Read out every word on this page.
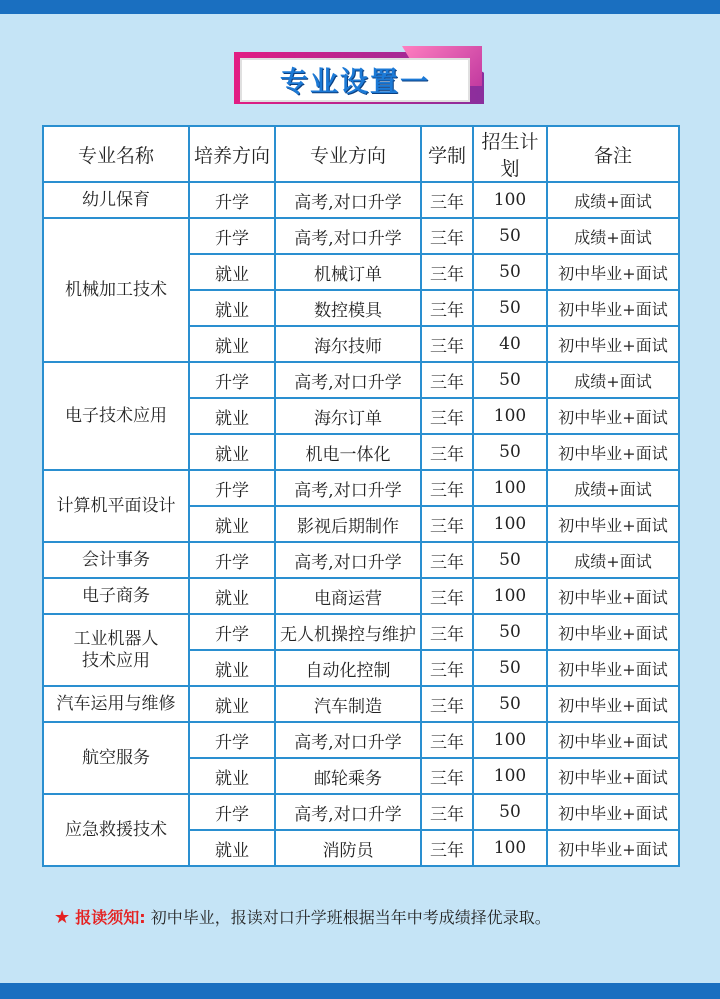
专业设置一
专业名称	培养方向	专业方向	学制	招生计划	备注
幼儿保育	升学	高考,对口升学	三年	100	成绩+面试
机械加工技术	升学	高考,对口升学	三年	50	成绩+面试
	就业	机械订单	三年	50	初中毕业+面试
	就业	数控模具	三年	50	初中毕业+面试
	就业	海尔技师	三年	40	初中毕业+面试
电子技术应用	升学	高考,对口升学	三年	50	成绩+面试
	就业	海尔订单	三年	100	初中毕业+面试
	就业	机电一体化	三年	50	初中毕业+面试
计算机平面设计	升学	高考,对口升学	三年	100	成绩+面试
	就业	影视后期制作	三年	100	初中毕业+面试
会计事务	升学	高考,对口升学	三年	50	成绩+面试
电子商务	就业	电商运营	三年	100	初中毕业+面试

工业机器人
技术应用	升学	无人机操控与维护	三年	50	初中毕业+面试
	就业	自动化控制	三年	50	初中毕业+面试
汽车运用与维修	就业	汽车制造	三年	50	初中毕业+面试
航空服务	升学	高考,对口升学	三年	100	初中毕业+面试
	就业	邮轮乘务	三年	100	初中毕业+面试
应急救援技术	升学	高考,对口升学	三年	50	初中毕业+面试
	就业	消防员	三年	100	初中毕业+面试
★ 报读须知: 初中毕业，报读对口升学班根据当年中考成绩择优录取。
